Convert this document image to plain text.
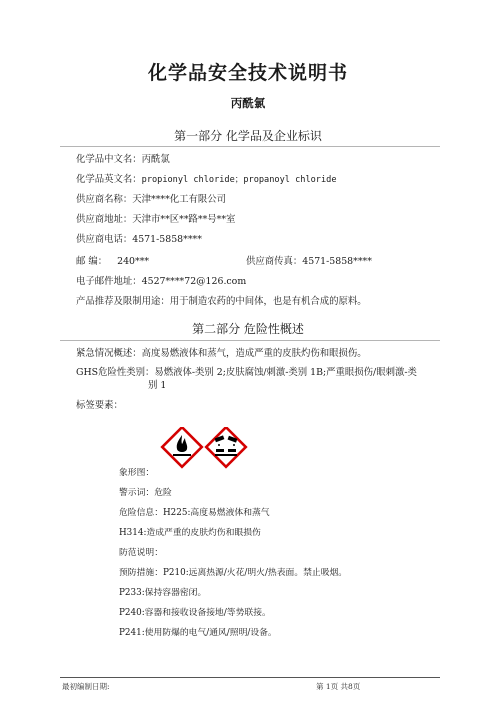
化学品安全技术说明书
丙酰氯
第一部分 化学品及企业标识
化学品中文名：丙酰氯
化学品英文名：propionyl chloride；propanoyl chloride
供应商名称：天津****化工有限公司
供应商地址：天津市**区**路**号**室
供应商电话：4571-5858****
邮 编： 240***	供应商传真：4571-5858****
电子邮件地址：4527****72@126.com
产品推荐及限制用途：用于制造农药的中间体，也是有机合成的原料。
第二部分 危险性概述
紧急情况概述：高度易燃液体和蒸气，造成严重的皮肤灼伤和眼损伤。
GHS危险性类别：易燃液体-类别 2;皮肤腐蚀/刺激-类别 1B;严重眼损伤/眼刺激-类
别 1
标签要素：
象形图：
警示词：危险
危险信息：H225:高度易燃液体和蒸气
H314:造成严重的皮肤灼伤和眼损伤
防范说明：
预防措施：P210:远离热源/火花/明火/热表面。禁止吸烟。
P233:保持容器密闭。
P240:容器和接收设备接地/等势联接。
P241:使用防爆的电气/通风/照明/设备。
最初编制日期:	第 1页 共8页
